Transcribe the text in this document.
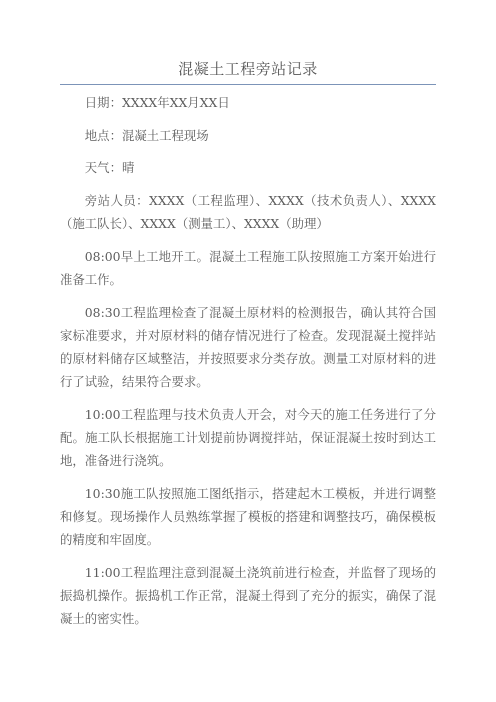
混凝土工程旁站记录

日期：XXXX年XX月XX日

地点：混凝土工程现场

天气：晴

旁站人员：XXXX（工程监理）、XXXX（技术负责人）、XXXX（施工队长）、XXXX（测量工）、XXXX（助理）

08:00早上工地开工。混凝土工程施工队按照施工方案开始进行准备工作。

08:30工程监理检查了混凝土原材料的检测报告，确认其符合国家标准要求，并对原材料的储存情况进行了检查。发现混凝土搅拌站的原材料储存区域整洁，并按照要求分类存放。测量工对原材料的进行了试验，结果符合要求。

10:00工程监理与技术负责人开会，对今天的施工任务进行了分配。施工队长根据施工计划提前协调搅拌站，保证混凝土按时到达工地，准备进行浇筑。

10:30施工队按照施工图纸指示，搭建起木工模板，并进行调整和修复。现场操作人员熟练掌握了模板的搭建和调整技巧，确保模板的精度和牢固度。

11:00工程监理注意到混凝土浇筑前进行检查，并监督了现场的振捣机操作。振捣机工作正常，混凝土得到了充分的振实，确保了混凝土的密实性。
